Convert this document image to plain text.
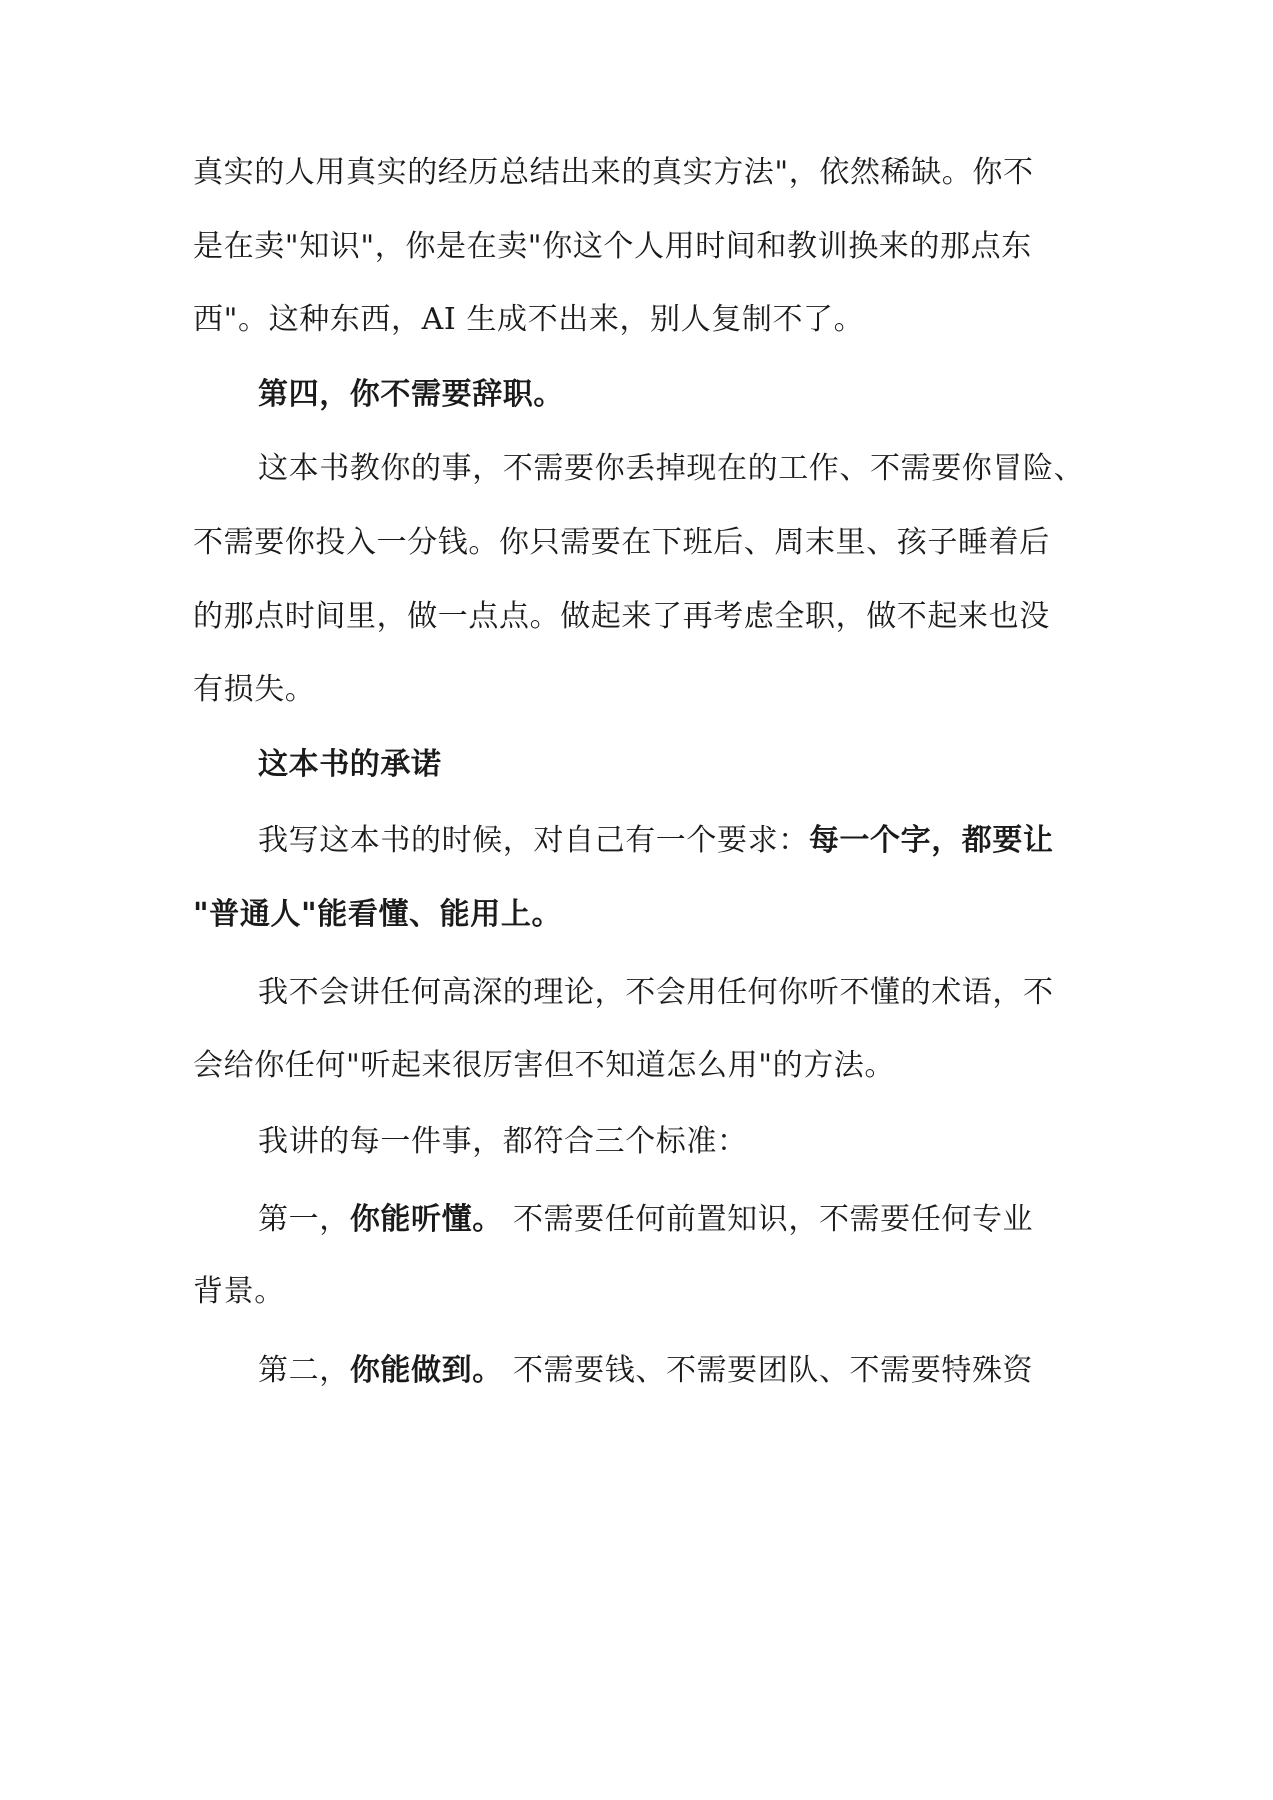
真实的人用真实的经历总结出来的真实方法"，依然稀缺。你不
是在卖"知识"，你是在卖"你这个人用时间和教训换来的那点东
西"。这种东西，AI 生成不出来，别人复制不了。
第四，你不需要辞职。
这本书教你的事，不需要你丢掉现在的工作、不需要你冒险、
不需要你投入一分钱。你只需要在下班后、周末里、孩子睡着后
的那点时间里，做一点点。做起来了再考虑全职，做不起来也没
有损失。
这本书的承诺
我写这本书的时候，对自己有一个要求：每一个字，都要让
"普通人"能看懂、能用上。
我不会讲任何高深的理论，不会用任何你听不懂的术语，不
会给你任何"听起来很厉害但不知道怎么用"的方法。
我讲的每一件事，都符合三个标准：
第一，你能听懂。 不需要任何前置知识，不需要任何专业
背景。
第二，你能做到。 不需要钱、不需要团队、不需要特殊资
